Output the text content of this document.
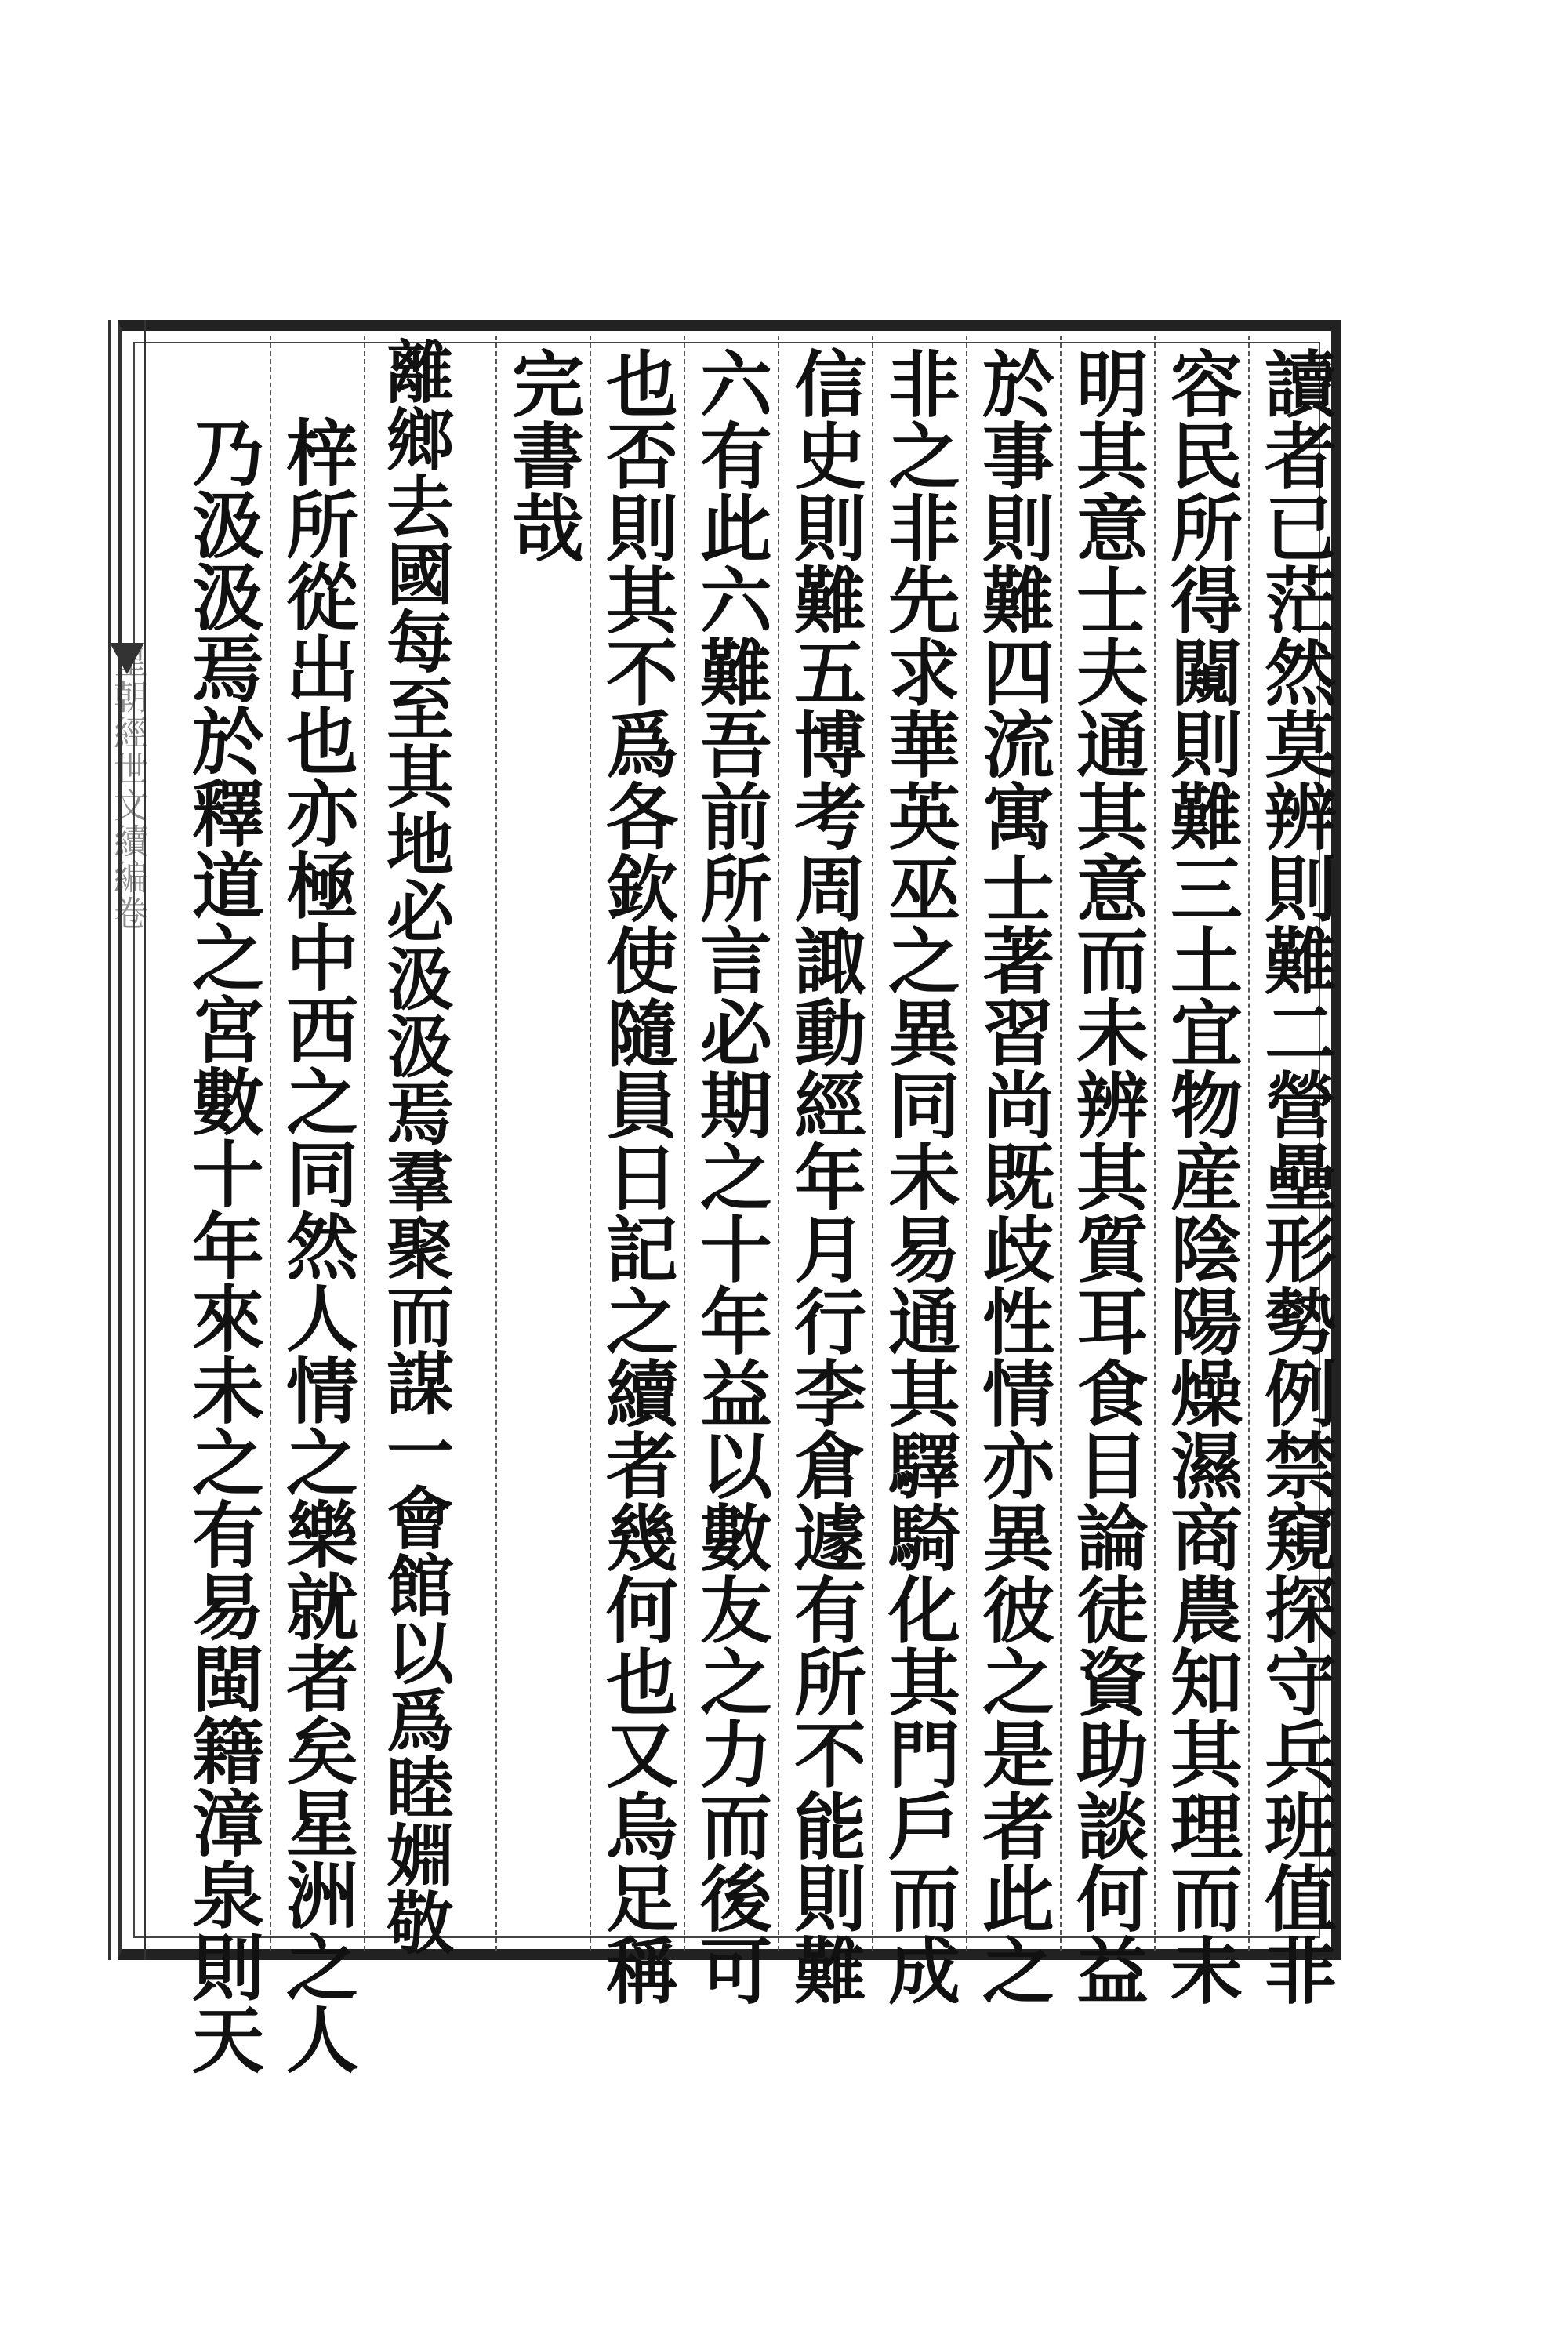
皇朝經世文續編卷	讀者已茫然莫辨則難二營壘形勢例禁窺探守兵班值非
容民所得闚則難三土宜物産陰陽燥濕商農知其理而未
明其意士夫通其意而未辨其質耳食目論徒資助談何益
於事則難四流寓士著習尚既歧性情亦異彼之是者此之
非之非先求華英巫之異同未易通其驛騎化其門戶而成
信史則難五博考周諏動經年月行李倉遽有所不能則難
六有此六難吾前所言必期之十年益以數友之力而後可
也否則其不爲各欽使隨員日記之續者幾何也又烏足稱
完書哉
離鄉去國每至其地必汲汲焉羣聚而謀一會館以爲睦婣敬
梓所從出也亦極中西之同然人情之樂就者矣星洲之人
乃汲汲焉於釋道之宮數十年來未之有易閩籍漳泉則天
